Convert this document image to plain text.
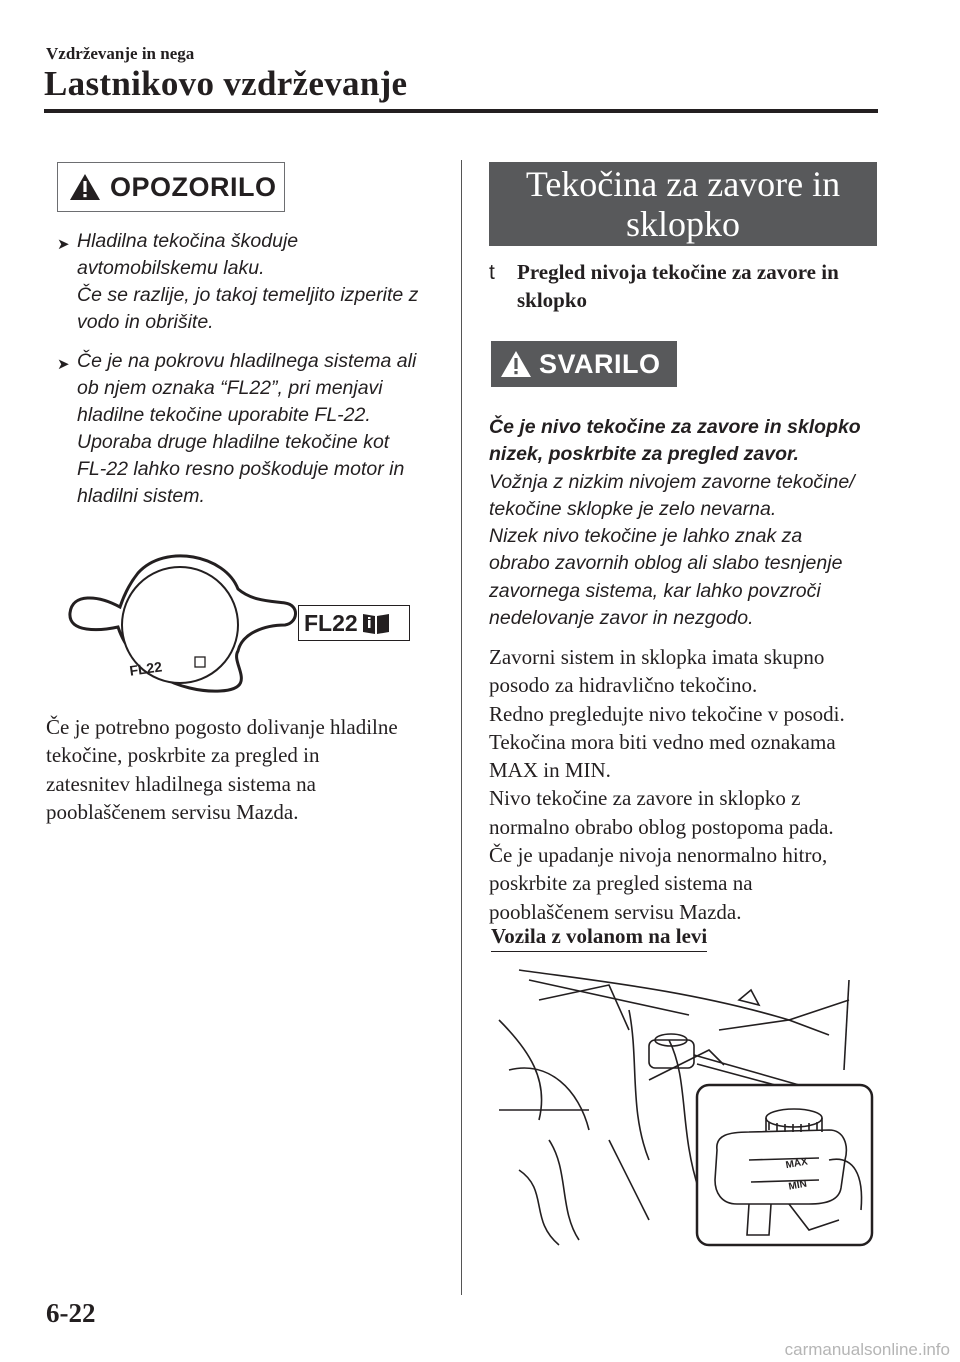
Vzdrževanje in nega
Lastnikovo vzdrževanje
OPOZORILO
➤ Hladilna tekočina škoduje
avtomobilskemu laku.
Če se razlije, jo takoj temeljito izperite z
vodo in obrišite.

➤ Če je na pokrovu hladilnega sistema ali
ob njem oznaka “FL22”, pri menjavi
hladilne tekočine uporabite FL-22.
Uporaba druge hladilne tekočine kot
FL-22 lahko resno poškoduje motor in
hladilni sistem.

FL22
FL22

Če je potrebno pogosto dolivanje hladilne
tekočine, poskrbite za pregled in
zatesnitev hladilnega sistema na
pooblaščenem servisu Mazda.

Tekočina za zavore in
sklopko
t	Pregled nivoja tekočine za zavore in
sklopko
SVARILO

Če je nivo tekočine za zavore in sklopko
nizek, poskrbite za pregled zavor.

Vožnja z nizkim nivojem zavorne tekočine/
tekočine sklopke je zelo nevarna.
Nizek nivo tekočine je lahko znak za
obrabo zavornih oblog ali slabo tesnjenje
zavornega sistema, kar lahko povzroči
nedelovanje zavor in nezgodo.

Zavorni sistem in sklopka imata skupno
posodo za hidravlično tekočino.
Redno pregledujte nivo tekočine v posodi.
Tekočina mora biti vedno med oznakama
MAX in MIN.
Nivo tekočine za zavore in sklopko z
normalno obrabo oblog postopoma pada.
Če je upadanje nivoja nenormalno hitro,
poskrbite za pregled sistema na
pooblaščenem servisu Mazda.

Vozila z volanom na levi
MAX
MIN
6-22
carmanualsonline.info
